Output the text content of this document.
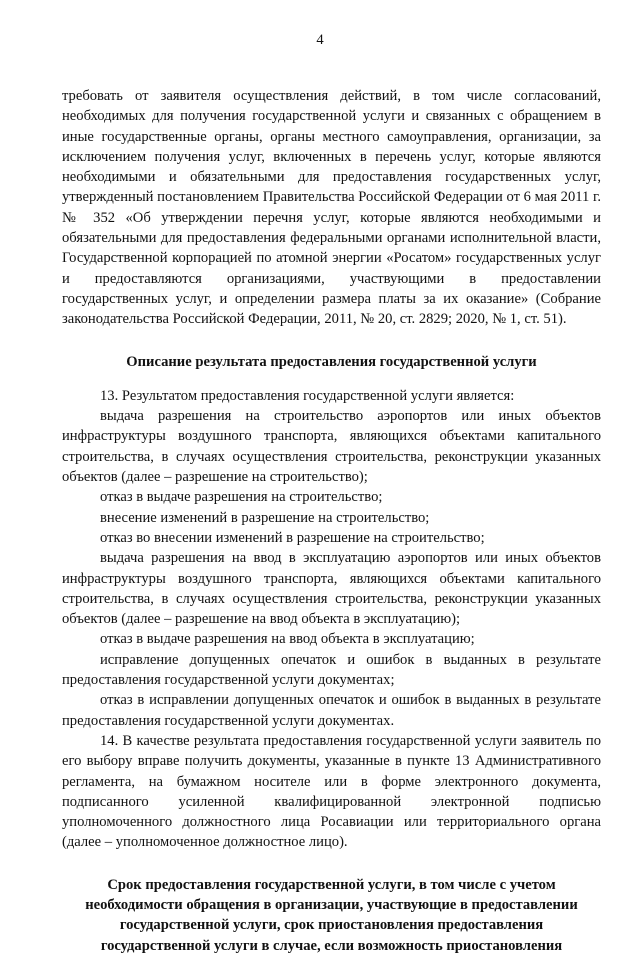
4

требовать от заявителя осуществления действий, в том числе согласований, необходимых для получения государственной услуги и связанных с обращением в иные государственные органы, органы местного самоуправления, организации, за исключением получения услуг, включенных в перечень услуг, которые являются необходимыми и обязательными для предоставления государственных услуг, утвержденный постановлением Правительства Российской Федерации от 6 мая 2011 г. № 352 «Об утверждении перечня услуг, которые являются необходимыми и обязательными для предоставления федеральными органами исполнительной власти, Государственной корпорацией по атомной энергии «Росатом» государственных услуг и предоставляются организациями, участвующими в предоставлении государственных услуг, и определении размера платы за их оказание» (Собрание законодательства Российской Федерации, 2011, № 20, ст. 2829; 2020, № 1, ст. 51).

Описание результата предоставления государственной услуги

13. Результатом предоставления государственной услуги является:

выдача разрешения на строительство аэропортов или иных объектов инфраструктуры воздушного транспорта, являющихся объектами капитального строительства, в случаях осуществления строительства, реконструкции указанных объектов (далее – разрешение на строительство);

отказ в выдаче разрешения на строительство;

внесение изменений в разрешение на строительство;

отказ во внесении изменений в разрешение на строительство;

выдача разрешения на ввод в эксплуатацию аэропортов или иных объектов инфраструктуры воздушного транспорта, являющихся объектами капитального строительства, в случаях осуществления строительства, реконструкции указанных объектов (далее – разрешение на ввод объекта в эксплуатацию);

отказ в выдаче разрешения на ввод объекта в эксплуатацию;

исправление допущенных опечаток и ошибок в выданных в результате предоставления государственной услуги документах;

отказ в исправлении допущенных опечаток и ошибок в выданных в результате предоставления государственной услуги документах.

14. В качестве результата предоставления государственной услуги заявитель по его выбору вправе получить документы, указанные в пункте 13 Административного регламента, на бумажном носителе или в форме электронного документа, подписанного усиленной квалифицированной электронной подписью уполномоченного должностного лица Росавиации или территориального органа (далее – уполномоченное должностное лицо).

Срок предоставления государственной услуги, в том числе с учетом

необходимости обращения в организации, участвующие в предоставлении

государственной услуги, срок приостановления предоставления

государственной услуги в случае, если возможность приостановления
